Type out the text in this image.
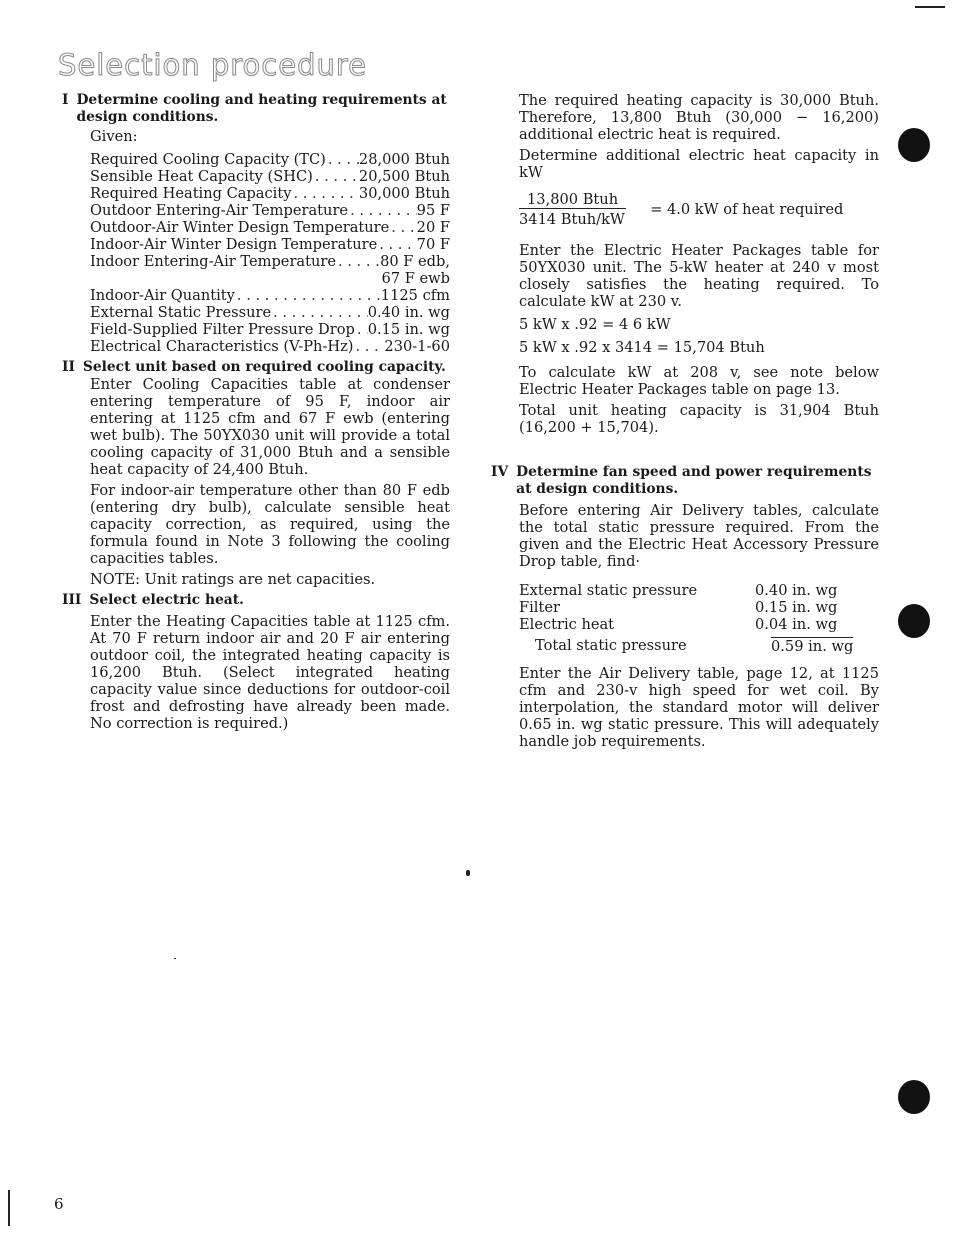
Selection procedure
I Determine cooling and heating requirements at design conditions.
Given:
Required Cooling Capacity (TC) . . . 28,000 Btuh
Sensible Heat Capacity (SHC) . . .	20,500 Btuh
Required Heating Capacity . . .	30,000 Btuh
Outdoor Entering-Air Temperature . . .	95 F
Outdoor-Air Winter Design Temperature . . . 20 F
Indoor-Air Winter Design Temperature . . .	70 F
Indoor Entering-Air Temperature . . .	80 F edb,
67 F ewb
Indoor-Air Quantity . . .	1125 cfm
External Static Pressure . . .	0.40 in. wg
Field-Supplied Filter Pressure Drop . . . 0.15 in. wg
Electrical Characteristics (V-Ph-Hz) . . . 230-1-60
II Select unit based on required cooling capacity.
Enter Cooling Capacities table at condenser entering temperature of 95 F, indoor air entering at 1125 cfm and 67 F ewb (entering wet bulb). The 50YX030 unit will provide a total cooling capacity of 31,000 Btuh and a sensible heat capacity of 24,400 Btuh.
For indoor-air temperature other than 80 F edb (entering dry bulb), calculate sensible heat capacity correction, as required, using the formula found in Note 3 following the cooling capacities tables.
NOTE: Unit ratings are net capacities.
III Select electric heat.
Enter the Heating Capacities table at 1125 cfm. At 70 F return indoor air and 20 F air entering outdoor coil, the integrated heating capacity is 16,200 Btuh. (Select integrated heating capacity value since deductions for outdoor-coil frost and defrosting have already been made. No correction is required.)
The required heating capacity is 30,000 Btuh. Therefore, 13,800 Btuh (30,000 − 16,200) additional electric heat is required.
Determine additional electric heat capacity in kW
$\frac{\text{13,800 Btuh}}{\text{3414 Btuh/kW}} = 4.0$ kW of heat required
Enter the Electric Heater Packages table for 50YX030 unit. The 5-kW heater at 240 v most closely satisfies the heating required. To calculate kW at 230 v.
5 kW x .92 = 4 6 kW
5 kW x .92 x 3414 = 15,704 Btuh
To calculate kW at 208 v, see note below Electric Heater Packages table on page 13.
Total unit heating capacity is 31,904 Btuh (16,200 + 15,704).
IV Determine fan speed and power requirements at design conditions.
Before entering Air Delivery tables, calculate the total static pressure required. From the given and the Electric Heat Accessory Pressure Drop table, find·
External static pressure	0.40 in. wg
Filter	0.15 in. wg
Electric heat	0.04 in. wg
Total static pressure	0.59 in. wg
Enter the Air Delivery table, page 12, at 1125 cfm and 230-v high speed for wet coil. By interpolation, the standard motor will deliver 0.65 in. wg static pressure. This will adequately handle job requirements.
6
